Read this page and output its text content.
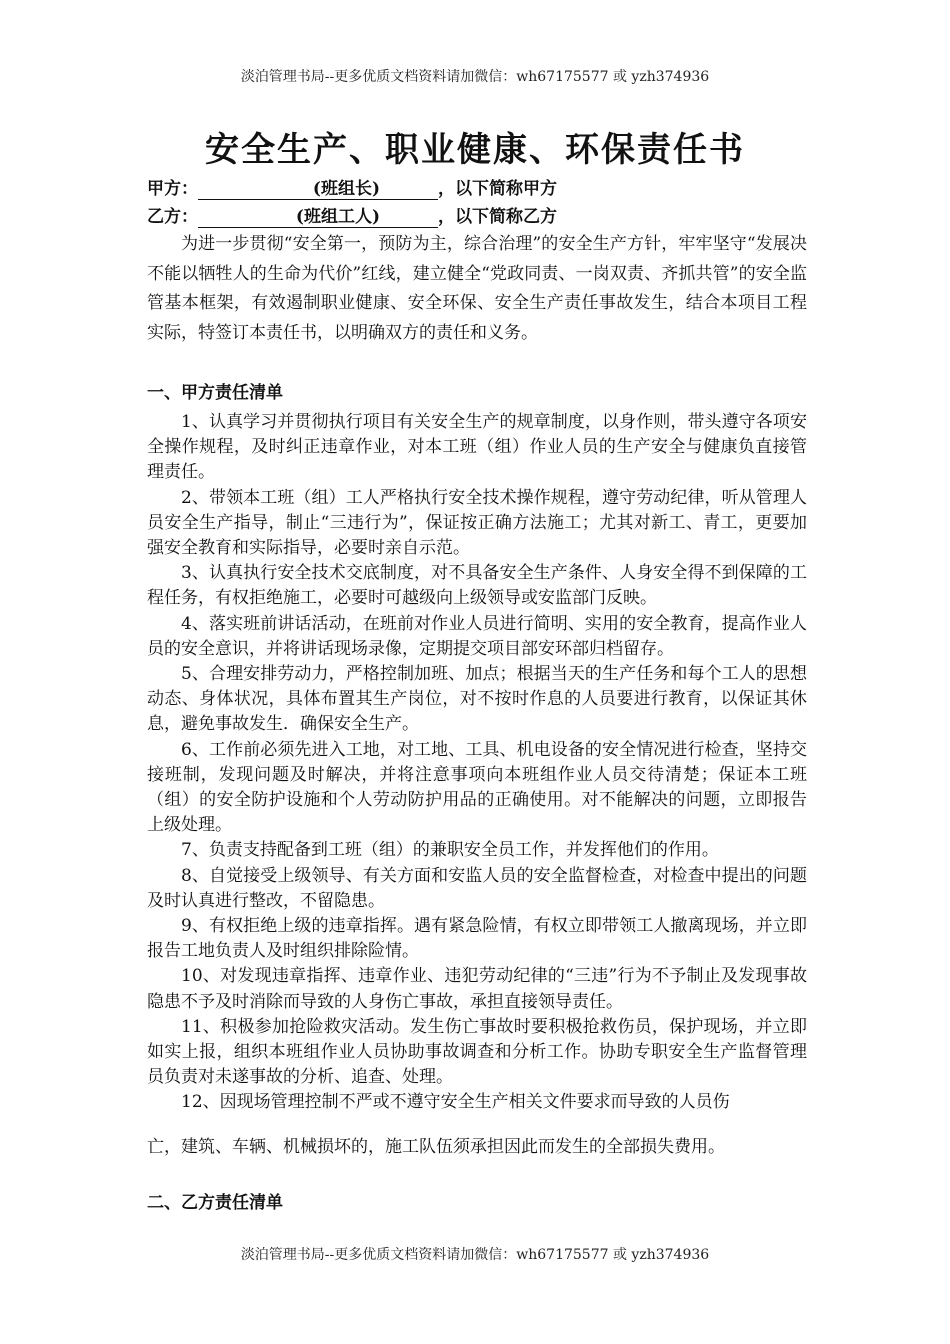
淡泊管理书局--更多优质文档资料请加微信：wh67175577 或 yzh374936
安全生产、职业健康、环保责任书
甲方：	(班组长)	，以下简称甲方
乙方：	(班组工人)	，以下简称乙方
为进一步贯彻“安全第一，预防为主，综合治理”的安全生产方针，牢牢坚守“发展决不能以牺牲人的生命为代价”红线，建立健全“党政同责、一岗双责、齐抓共管”的安全监管基本框架，有效遏制职业健康、安全环保、安全生产责任事故发生，结合本项目工程实际，特签订本责任书，以明确双方的责任和义务。
一、甲方责任清单

1、认真学习并贯彻执行项目有关安全生产的规章制度，以身作则，带头遵守各项安全操作规程，及时纠正违章作业，对本工班（组）作业人员的生产安全与健康负直接管理责任。

2、带领本工班（组）工人严格执行安全技术操作规程，遵守劳动纪律，听从管理人员安全生产指导，制止“三违行为”，保证按正确方法施工；尤其对新工、青工，更要加强安全教育和实际指导，必要时亲自示范。

3、认真执行安全技术交底制度，对不具备安全生产条件、人身安全得不到保障的工程任务，有权拒绝施工，必要时可越级向上级领导或安监部门反映。

4、落实班前讲话活动，在班前对作业人员进行简明、实用的安全教育，提高作业人员的安全意识，并将讲话现场录像，定期提交项目部安环部归档留存。

5、合理安排劳动力，严格控制加班、加点；根据当天的生产任务和每个工人的思想动态、身体状况，具体布置其生产岗位，对不按时作息的人员要进行教育，以保证其休息，避免事故发生．确保安全生产。

6、工作前必须先进入工地，对工地、工具、机电设备的安全情况进行检查，坚持交接班制，发现问题及时解决，并将注意事项向本班组作业人员交待清楚；保证本工班（组）的安全防护设施和个人劳动防护用品的正确使用。对不能解决的问题，立即报告上级处理。

7、负责支持配备到工班（组）的兼职安全员工作，并发挥他们的作用。

8、自觉接受上级领导、有关方面和安监人员的安全监督检查，对检查中提出的问题及时认真进行整改，不留隐患。

9、有权拒绝上级的违章指挥。遇有紧急险情，有权立即带领工人撤离现场，并立即报告工地负责人及时组织排除险情。

10、对发现违章指挥、违章作业、违犯劳动纪律的“三违”行为不予制止及发现事故隐患不予及时消除而导致的人身伤亡事故，承担直接领导责任。

11、积极参加抢险救灾活动。发生伤亡事故时要积极抢救伤员，保护现场，并立即如实上报，组织本班组作业人员协助事故调查和分析工作。协助专职安全生产监督管理员负责对未遂事故的分析、追查、处理。

12、因现场管理控制不严或不遵守安全生产相关文件要求而导致的人员伤

亡，建筑、车辆、机械损坏的，施工队伍须承担因此而发生的全部损失费用。
二、乙方责任清单
淡泊管理书局--更多优质文档资料请加微信：wh67175577 或 yzh374936
